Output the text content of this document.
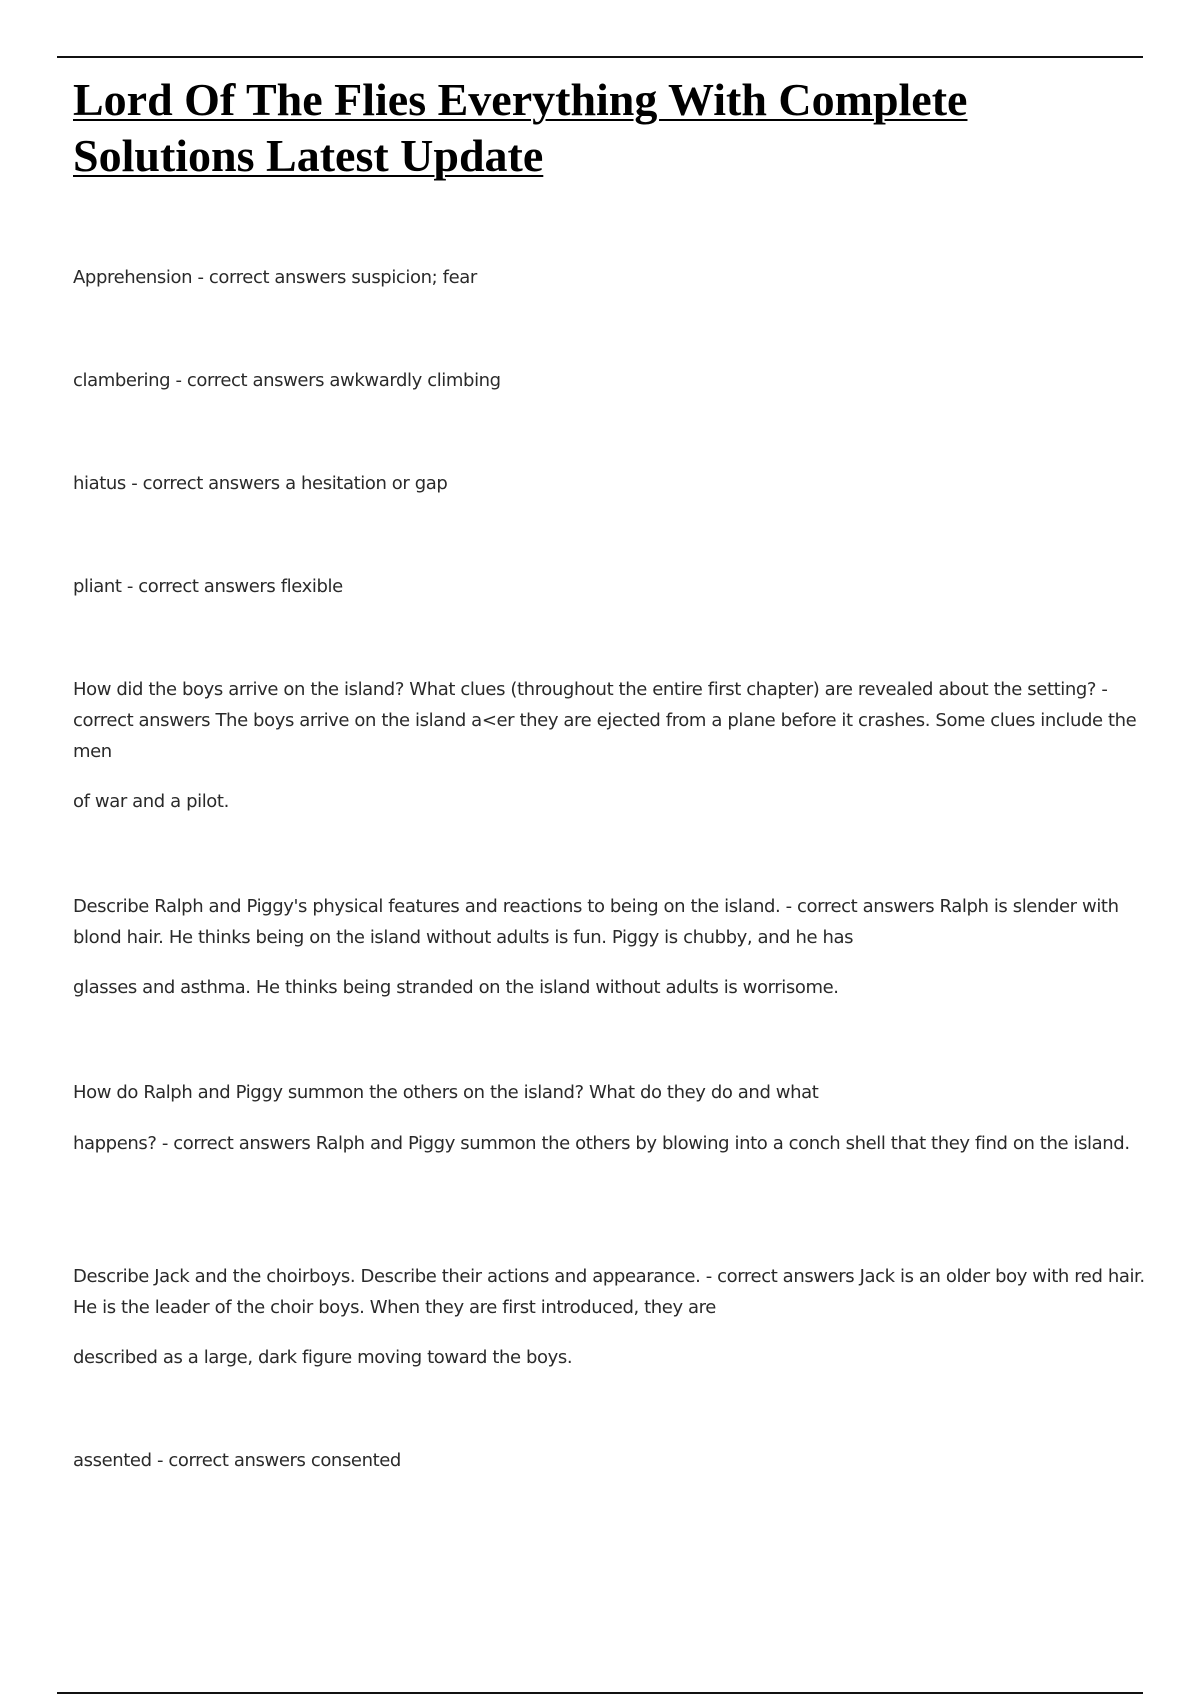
Lord Of The Flies Everything With Complete Solutions Latest Update

Apprehension - correct answers suspicion; fear

clambering - correct answers awkwardly climbing

hiatus - correct answers a hesitation or gap

pliant - correct answers flexible

How did the boys arrive on the island? What clues (throughout the entire first chapter) are revealed about the setting? - correct answers The boys arrive on the island a<er they are ejected from a plane before it crashes. Some clues include the men

of war and a pilot.

Describe Ralph and Piggy's physical features and reactions to being on the island. - correct answers Ralph is slender with blond hair. He thinks being on the island without adults is fun. Piggy is chubby, and he has

glasses and asthma. He thinks being stranded on the island without adults is worrisome.

How do Ralph and Piggy summon the others on the island? What do they do and what

happens? - correct answers Ralph and Piggy summon the others by blowing into a conch shell that they find on the island.

Describe Jack and the choirboys. Describe their actions and appearance. - correct answers Jack is an older boy with red hair. He is the leader of the choir boys. When they are first introduced, they are

described as a large, dark figure moving toward the boys.

assented - correct answers consented
